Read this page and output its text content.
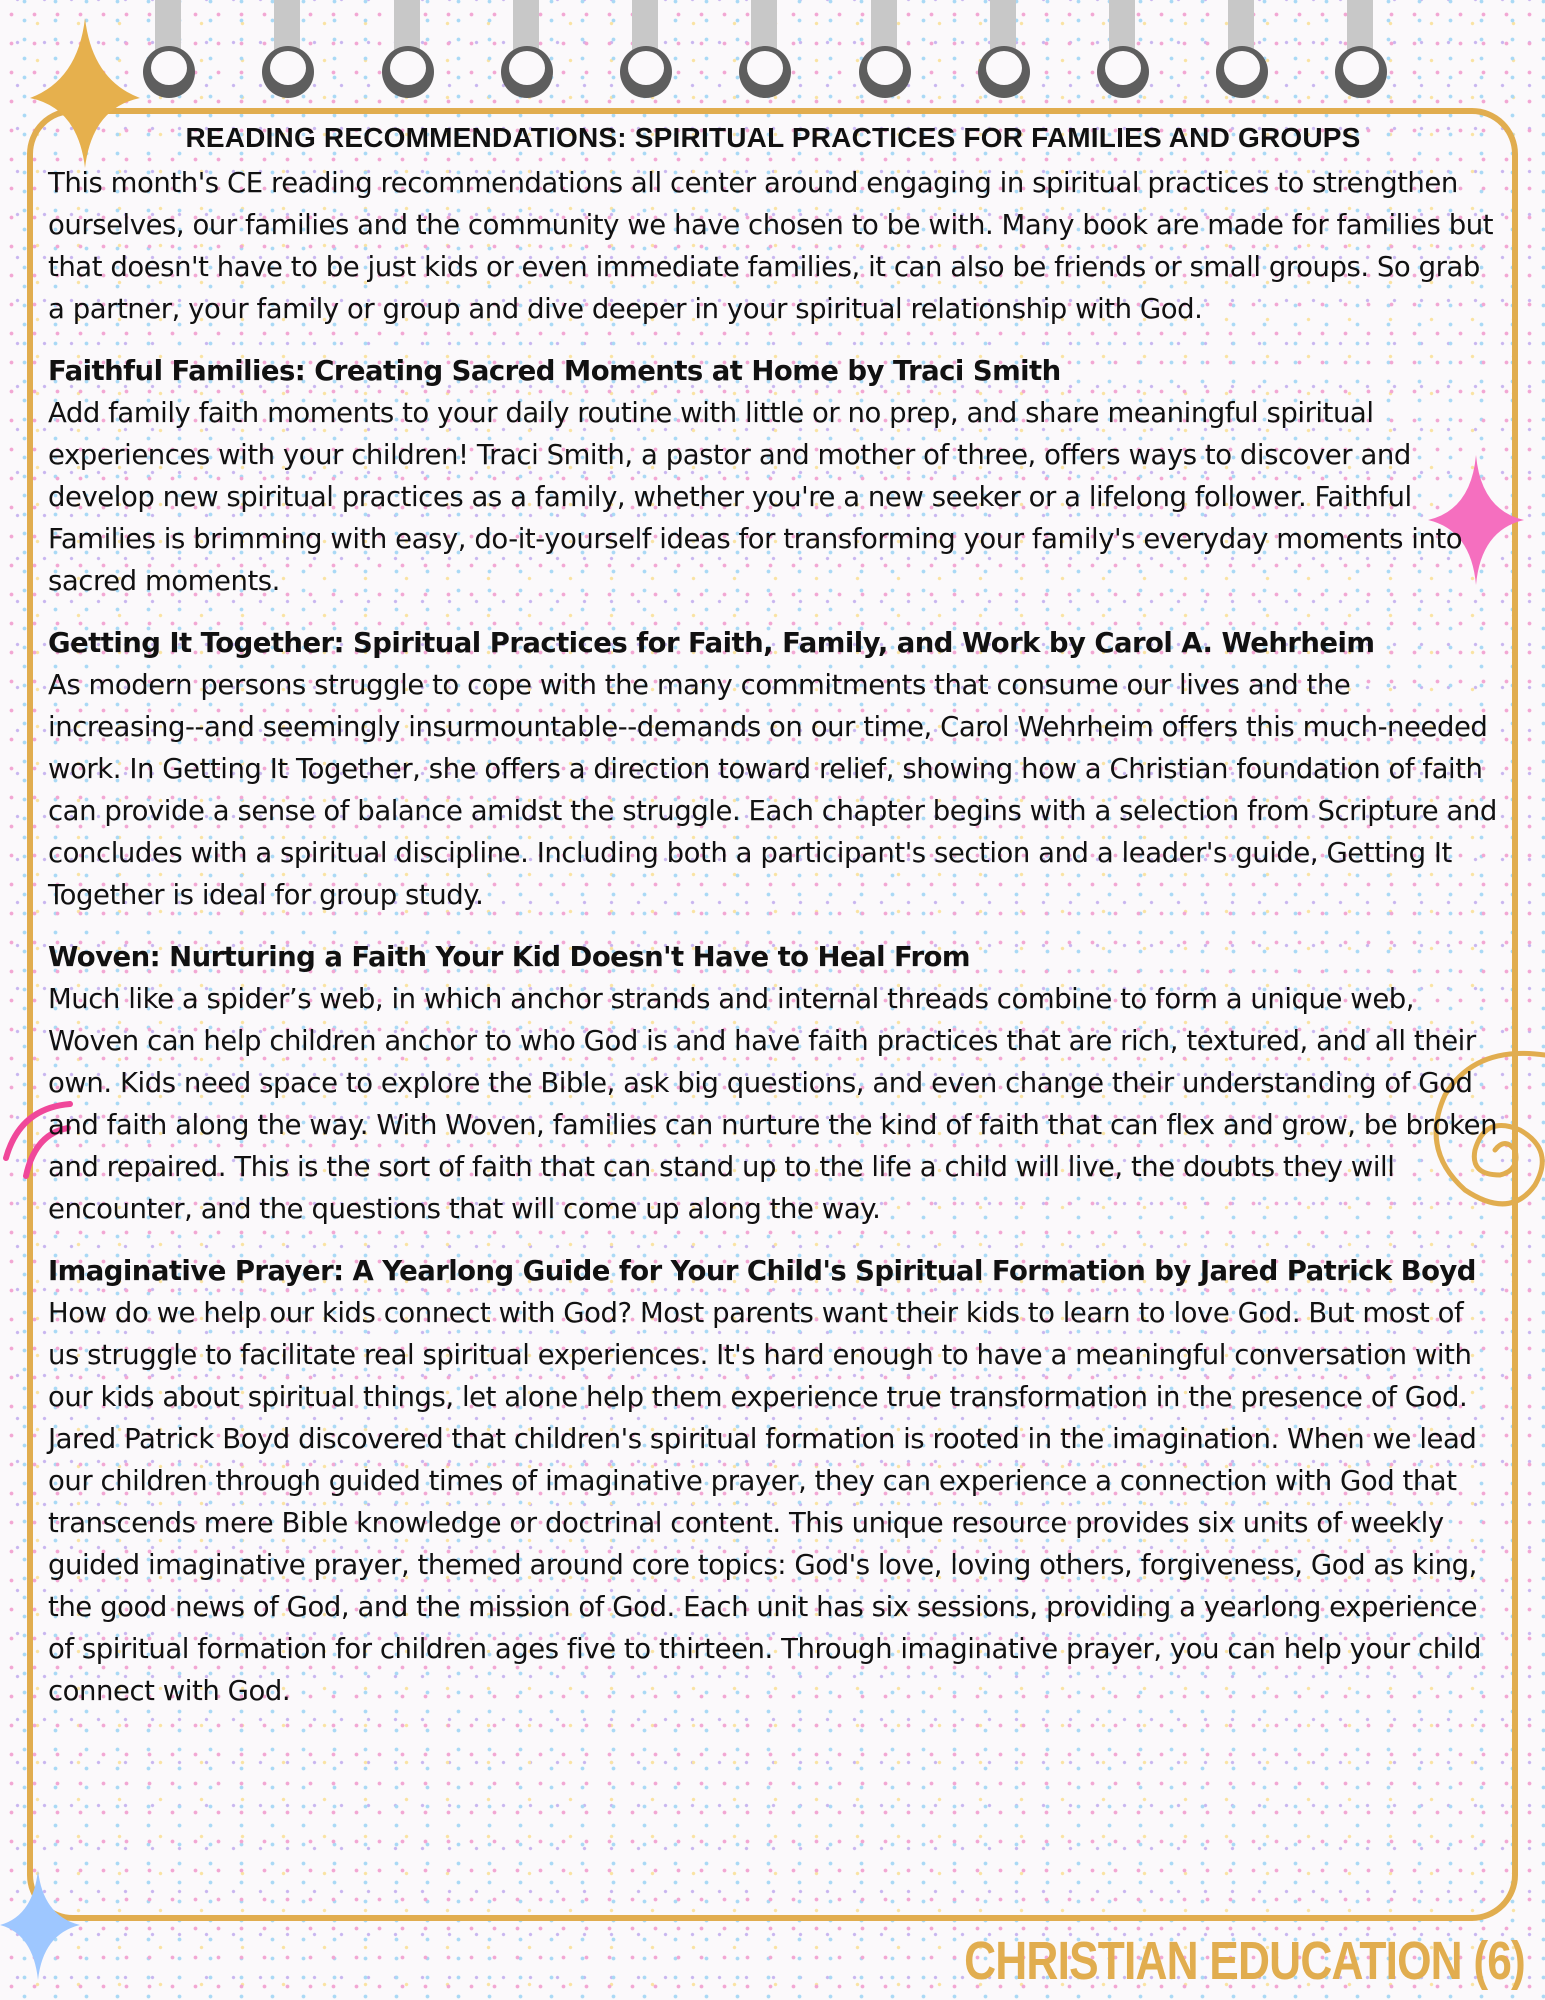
READING RECOMMENDATIONS: SPIRITUAL PRACTICES FOR FAMILIES AND GROUPS

This month's CE reading recommendations all center around engaging in spiritual practices to strengthen ourselves, our families and the community we have chosen to be with. Many book are made for families but that doesn't have to be just kids or even immediate families, it can also be friends or small groups. So grab a partner, your family or group and dive deeper in your spiritual relationship with God.

Faithful Families: Creating Sacred Moments at Home by Traci Smith

Add family faith moments to your daily routine with little or no prep, and share meaningful spiritual experiences with your children! Traci Smith, a pastor and mother of three, offers ways to discover and develop new spiritual practices as a family, whether you're a new seeker or a lifelong follower. Faithful Families is brimming with easy, do-it-yourself ideas for transforming your family's everyday moments into sacred moments.

Getting It Together: Spiritual Practices for Faith, Family, and Work by Carol A. Wehrheim

As modern persons struggle to cope with the many commitments that consume our lives and the increasing--and seemingly insurmountable--demands on our time, Carol Wehrheim offers this much-needed work. In Getting It Together, she offers a direction toward relief, showing how a Christian foundation of faith can provide a sense of balance amidst the struggle. Each chapter begins with a selection from Scripture and concludes with a spiritual discipline. Including both a participant's section and a leader's guide, Getting It Together is ideal for group study.

Woven: Nurturing a Faith Your Kid Doesn't Have to Heal From

Much like a spider’s web, in which anchor strands and internal threads combine to form a unique web, Woven can help children anchor to who God is and have faith practices that are rich, textured, and all their own. Kids need space to explore the Bible, ask big questions, and even change their understanding of God and faith along the way. With Woven, families can nurture the kind of faith that can flex and grow, be broken and repaired. This is the sort of faith that can stand up to the life a child will live, the doubts they will encounter, and the questions that will come up along the way.

Imaginative Prayer: A Yearlong Guide for Your Child's Spiritual Formation by Jared Patrick Boyd

How do we help our kids connect with God? Most parents want their kids to learn to love God. But most of us struggle to facilitate real spiritual experiences. It's hard enough to have a meaningful conversation with our kids about spiritual things, let alone help them experience true transformation in the presence of God. Jared Patrick Boyd discovered that children's spiritual formation is rooted in the imagination. When we lead our children through guided times of imaginative prayer, they can experience a connection with God that transcends mere Bible knowledge or doctrinal content. This unique resource provides six units of weekly guided imaginative prayer, themed around core topics: God's love, loving others, forgiveness, God as king, the good news of God, and the mission of God. Each unit has six sessions, providing a yearlong experience of spiritual formation for children ages five to thirteen. Through imaginative prayer, you can help your child connect with God.

CHRISTIAN EDUCATION (6)
